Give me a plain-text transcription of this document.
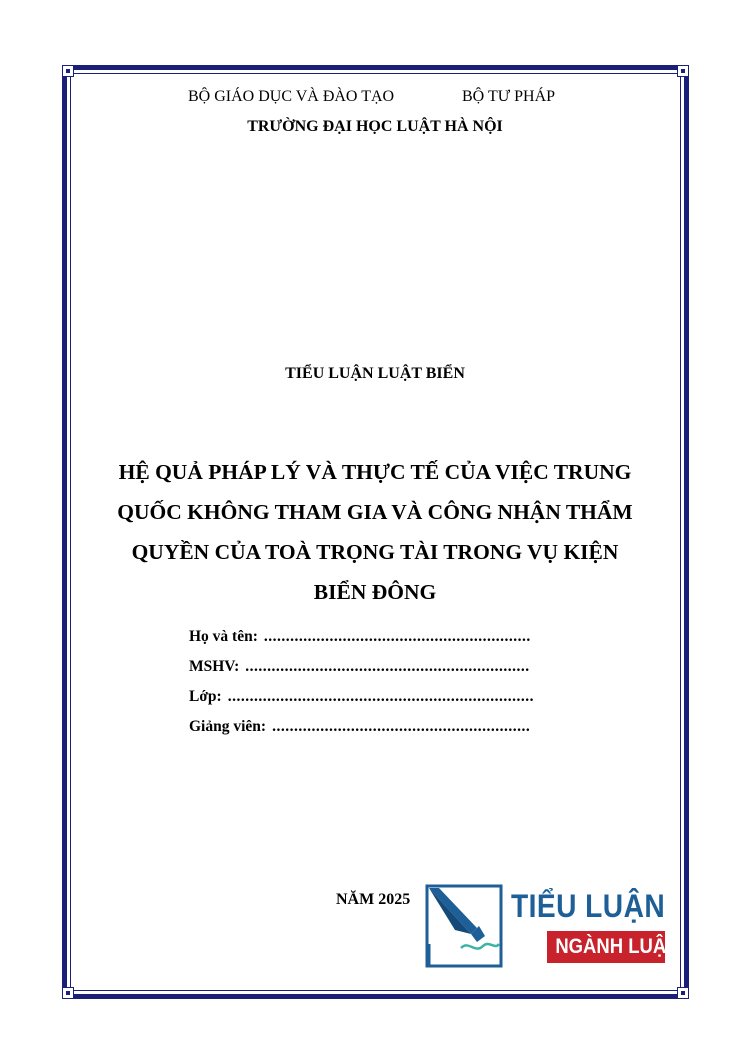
BỘ GIÁO DỤC VÀ ĐÀO TẠO	BỘ TƯ PHÁP
TRƯỜNG ĐẠI HỌC LUẬT HÀ NỘI
TIỂU LUẬN LUẬT BIỂN
HỆ QUẢ PHÁP LÝ VÀ THỰC TẾ CỦA VIỆC TRUNG
QUỐC KHÔNG THAM GIA VÀ CÔNG NHẬN THẨM
QUYỀN CỦA TOÀ TRỌNG TÀI TRONG VỤ KIỆN
BIỂN ĐÔNG
Họ và tên: .............................................................
MSHV: .................................................................
Lớp: ......................................................................
Giảng viên: ...........................................................
NĂM 2025	TIỂU LUẬN
NGÀNH LUẬT
